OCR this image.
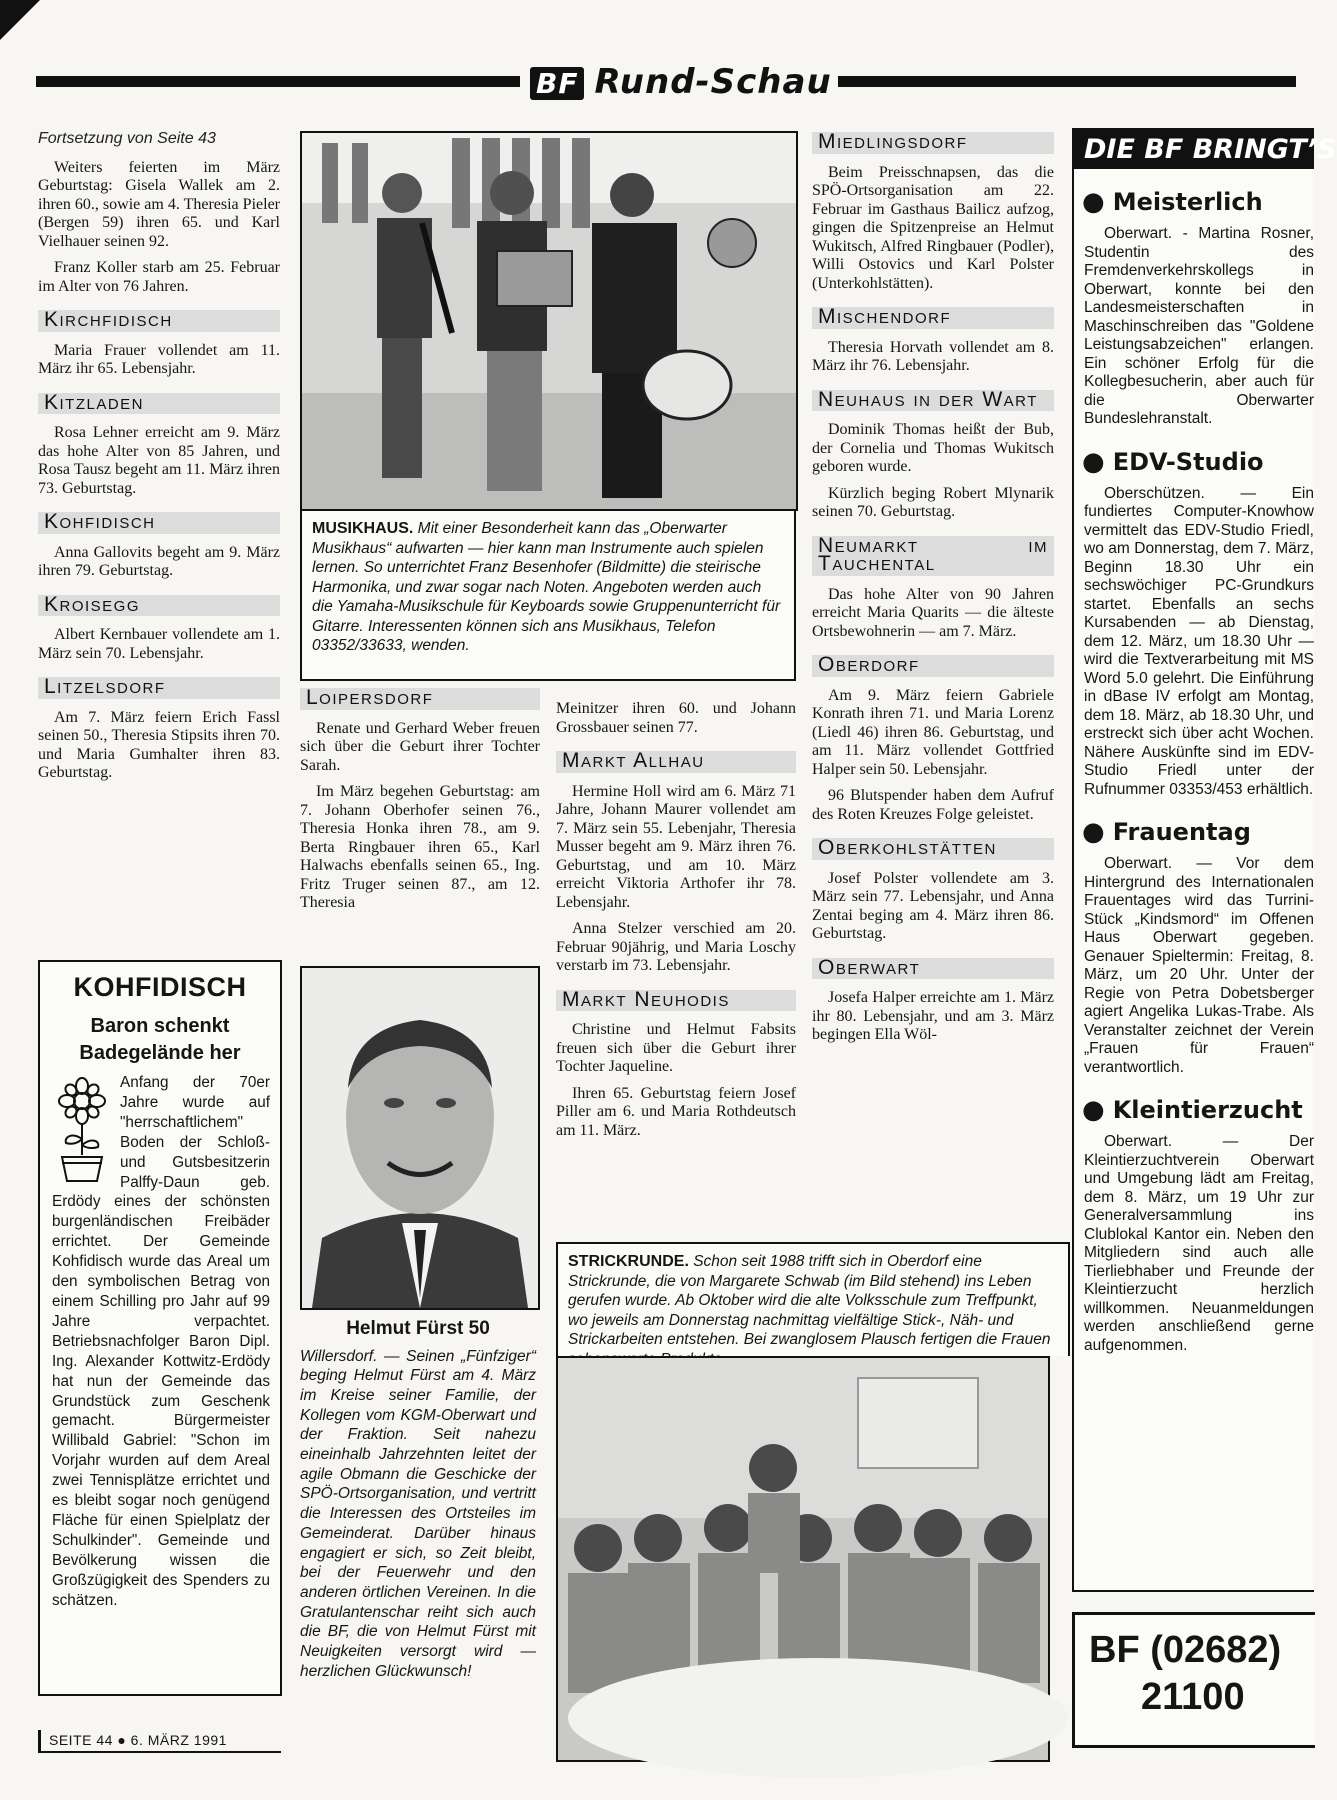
BF Rund-Schau
Fortsetzung von Seite 43

Weiters feierten im März Geburtstag: Gisela Wallek am 2. ihren 60., sowie am 4. Theresia Pieler (Bergen 59) ihren 65. und Karl Vielhauer seinen 92.

Franz Koller starb am 25. Februar im Alter von 76 Jahren.

Kirchfidisch

Maria Frauer vollendet am 11. März ihr 65. Lebensjahr.

Kitzladen

Rosa Lehner erreicht am 9. März das hohe Alter von 85 Jahren, und Rosa Tausz begeht am 11. März ihren 73. Geburtstag.

Kohfidisch

Anna Gallovits begeht am 9. März ihren 79. Geburtstag.

Kroisegg

Albert Kernbauer vollendete am 1. März sein 70. Lebensjahr.

Litzelsdorf

Am 7. März feiern Erich Fassl seinen 50., Theresia Stipsits ihren 70. und Maria Gumhalter ihren 83. Geburtstag.

KOHFIDISCH
Baron schenkt
Badegelände her
Anfang der 70er Jahre wurde auf "herrschaftlichem" Boden der Schloß- und Gutsbesitzerin Palffy-Daun geb. Erdödy eines der schönsten burgenländischen Freibäder errichtet. Der Gemeinde Kohfidisch wurde das Areal um den symbolischen Betrag von einem Schilling pro Jahr auf 99 Jahre verpachtet. Betriebsnachfolger Baron Dipl. Ing. Alexander Kottwitz-Erdödy hat nun der Gemeinde das Grundstück zum Geschenk gemacht. Bürgermeister Willibald Gabriel: "Schon im Vorjahr wurden auf dem Areal zwei Tennisplätze errichtet und es bleibt sogar noch genügend Fläche für einen Spielplatz der Schulkinder". Gemeinde und Bevölkerung wissen die Großzügigkeit des Spenders zu schätzen.
SEITE 44 ● 6. MÄRZ 1991
MUSIKHAUS. Mit einer Besonderheit kann das „Oberwarter Musikhaus“ aufwarten — hier kann man Instrumente auch spielen lernen. So unterrichtet Franz Besenhofer (Bildmitte) die steirische Harmonika, und zwar sogar nach Noten. Angeboten werden auch die Yamaha-Musikschule für Keyboards sowie Gruppenunterricht für Gitarre. Interessenten können sich ans Musikhaus, Telefon 03352/33633, wenden.
Loipersdorf

Renate und Gerhard Weber freuen sich über die Geburt ihrer Tochter Sarah.

Im März begehen Geburtstag: am 7. Johann Oberhofer seinen 76., Theresia Honka ihren 78., am 9. Berta Ringbauer ihren 65., Karl Halwachs ebenfalls seinen 65., Ing. Fritz Truger seinen 87., am 12. Theresia

Meinitzer ihren 60. und Johann Grossbauer seinen 77.

Markt Allhau

Hermine Holl wird am 6. März 71 Jahre, Johann Maurer vollendet am 7. März sein 55. Lebenjahr, Theresia Musser begeht am 9. März ihren 76. Geburtstag, und am 10. März erreicht Viktoria Arthofer ihr 78. Lebensjahr.

Anna Stelzer verschied am 20. Februar 90jährig, und Maria Loschy verstarb im 73. Lebensjahr.

Markt Neuhodis

Christine und Helmut Fabsits freuen sich über die Geburt ihrer Tochter Jaqueline.

Ihren 65. Geburtstag feiern Josef Piller am 6. und Maria Rothdeutsch am 11. März.

Helmut Fürst 50
Willersdorf. — Seinen „Fünfziger“ beging Helmut Fürst am 4. März im Kreise seiner Familie, der Kollegen vom KGM-Oberwart und der Fraktion. Seit nahezu eineinhalb Jahrzehnten leitet der agile Obmann die Geschicke der SPÖ-Ortsorganisation, und vertritt die Interessen des Ortsteiles im Gemeinderat. Darüber hinaus engagiert er sich, so Zeit bleibt, bei der Feuerwehr und den anderen örtlichen Vereinen. In die Gratulantenschar reiht sich auch die BF, die von Helmut Fürst mit Neuigkeiten versorgt wird — herzlichen Glückwunsch!
Miedlingsdorf

Beim Preisschnapsen, das die SPÖ-Ortsorganisation am 22. Februar im Gasthaus Bailicz aufzog, gingen die Spitzenpreise an Helmut Wukitsch, Alfred Ringbauer (Podler), Willi Ostovics und Karl Polster (Unterkohlstätten).

Mischendorf

Theresia Horvath vollendet am 8. März ihr 76. Lebensjahr.

Neuhaus in der Wart

Dominik Thomas heißt der Bub, der Cornelia und Thomas Wukitsch geboren wurde.

Kürzlich beging Robert Mlynarik seinen 70. Geburtstag.

Neumarkt im Tauchental

Das hohe Alter von 90 Jahren erreicht Maria Quarits — die älteste Ortsbewohnerin — am 7. März.

Oberdorf

Am 9. März feiern Gabriele Konrath ihren 71. und Maria Lorenz (Liedl 46) ihren 86. Geburtstag, und am 11. März vollendet Gottfried Halper sein 50. Lebensjahr.

96 Blutspender haben dem Aufruf des Roten Kreuzes Folge geleistet.

Oberkohlstätten

Josef Polster vollendete am 3. März sein 77. Lebensjahr, und Anna Zentai beging am 4. März ihren 86. Geburtstag.

Oberwart

Josefa Halper erreichte am 1. März ihr 80. Lebensjahr, und am 3. März begingen Ella Wöl-

STRICKRUNDE. Schon seit 1988 trifft sich in Oberdorf eine Strickrunde, die von Margarete Schwab (im Bild stehend) ins Leben gerufen wurde. Ab Oktober wird die alte Volksschule zum Treffpunkt, wo jeweils am Donnerstag nachmittag vielfältige Stick-, Näh- und Strickarbeiten entstehen. Bei zwanglosem Plausch fertigen die Frauen
DIE BF BRINGT’S
● Meisterlich

Oberwart. - Martina Rosner, Studentin des Fremdenverkehrskollegs in Oberwart, konnte bei den Landesmeisterschaften in Maschinschreiben das "Goldene Leistungsabzeichen" erlangen. Ein schöner Erfolg für die Kollegbesucherin, aber auch für die Oberwarter Bundeslehranstalt.

● EDV-Studio

Oberschützen. — Ein fundiertes Computer-Knowhow vermittelt das EDV-Studio Friedl, wo am Donnerstag, dem 7. März, Beginn 18.30 Uhr ein sechswöchiger PC-Grundkurs startet. Ebenfalls an sechs Kursabenden — ab Dienstag, dem 12. März, um 18.30 Uhr — wird die Textverarbeitung mit MS Word 5.0 gelehrt. Die Einführung in dBase IV erfolgt am Montag, dem 18. März, ab 18.30 Uhr, und erstreckt sich über acht Wochen. Nähere Auskünfte sind im EDV-Studio Friedl unter der Rufnummer 03353/453 erhältlich.

● Frauentag

Oberwart. — Vor dem Hintergrund des Internationalen Frauentages wird das Turrini-Stück „Kindsmord“ im Offenen Haus Oberwart gegeben. Genauer Spieltermin: Freitag, 8. März, um 20 Uhr. Unter der Regie von Petra Dobetsberger agiert Angelika Lukas-Trabe. Als Veranstalter zeichnet der Verein „Frauen für Frauen“ verantwortlich.

● Kleintierzucht

Oberwart. — Der Kleintierzuchtverein Oberwart und Umgebung lädt am Freitag, dem 8. März, um 19 Uhr zur Generalversammlung ins Clublokal Kantor ein. Neben den Mitgliedern sind auch alle Tierliebhaber und Freunde der Kleintierzucht herzlich willkommen. Neuanmeldungen werden anschließend gerne aufgenommen.

BF (02682)
21100
